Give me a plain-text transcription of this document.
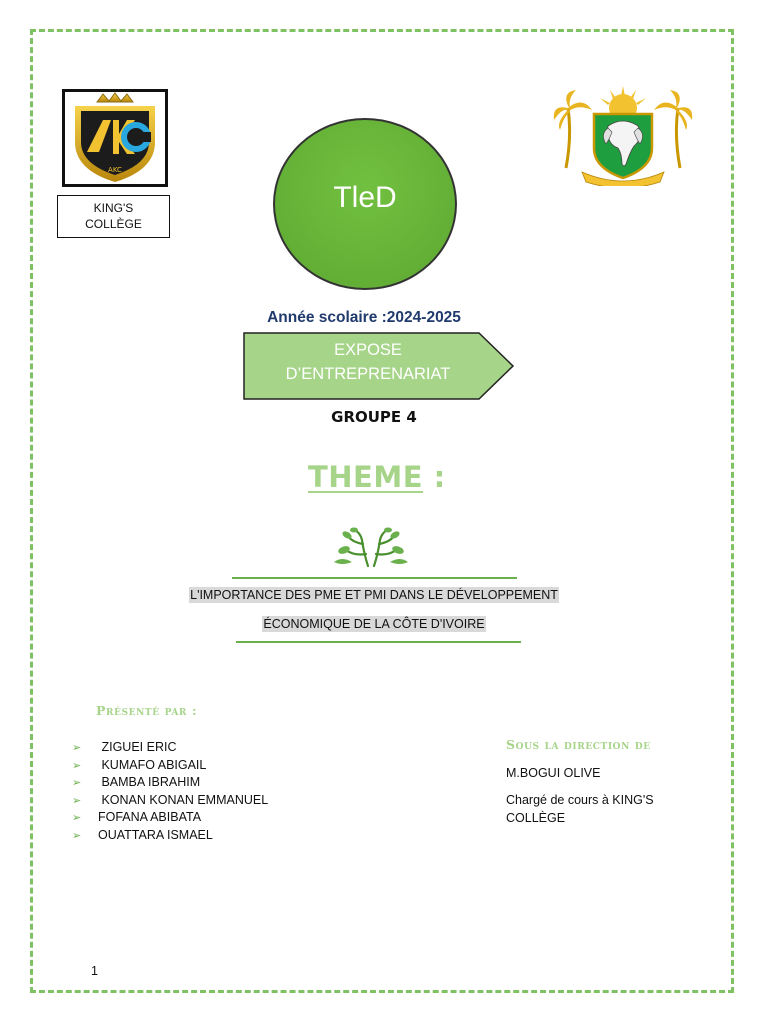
AKC
KING'S
COLLÈGE
TleD
Année scolaire :2024-2025
EXPOSE
D’ENTREPRENARIAT
GROUPE 4
THEME :
L'IMPORTANCE DES PME ET PMI DANS LE DÉVELOPPEMENT
ÉCONOMIQUE DE LA CÔTE D'IVOIRE
Présenté par :
➢ ZIGUEI ERIC
➢ KUMAFO ABIGAIL
➢ BAMBA IBRAHIM
➢ KONAN KONAN EMMANUEL
➢ FOFANA ABIBATA
➢ OUATTARA ISMAEL
Sous la direction de
M.BOGUI OLIVE
Chargé de cours à KING'S
COLLÈGE
1
